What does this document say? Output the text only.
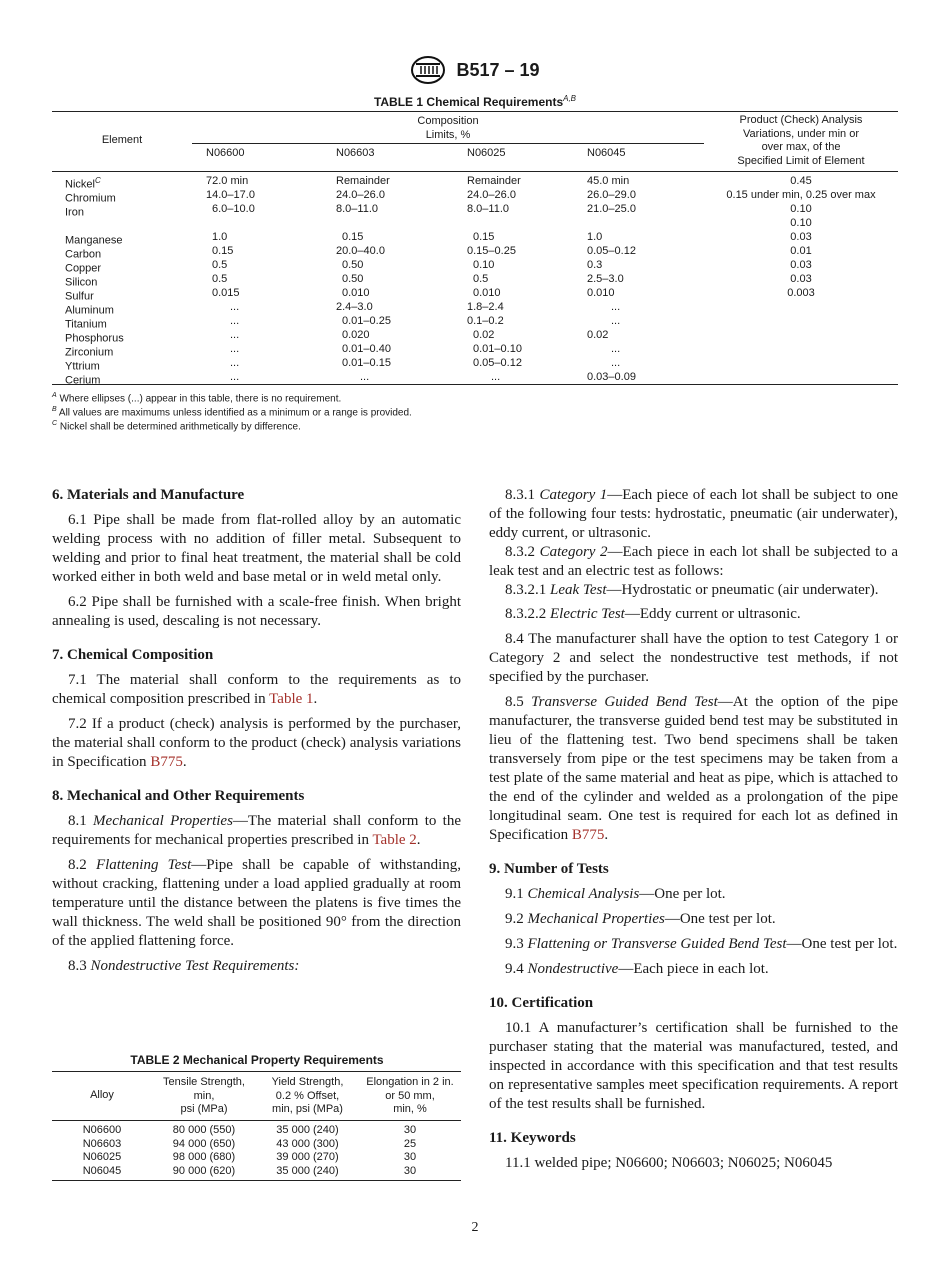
B517 – 19
TABLE 1 Chemical Requirements$^{A,B}$
Element
Composition
Limits, %
N06600	N06603	N06025	N06045
Product (Check) Analysis
Variations, under min or
over max, of the
Specified Limit of Element
Nickel$^C$	72.0 min	Remainder	Remainder	45.0 min	0.45
Chromium	14.0–17.0	24.0–26.0	24.0–26.0	26.0–29.0	0.15 under min, 0.25 over max
Iron	6.0–10.0	8.0–11.0	8.0–11.0	21.0–25.0	0.10
0.10
Manganese	1.0	0.15	0.15	1.0	0.03
Carbon	0.15	20.0–40.0	0.15–0.25	0.05–0.12	0.01
Copper	0.5	0.50	0.10	0.3	0.03
Silicon	0.5	0.50	0.5	2.5–3.0	0.03
Sulfur	0.015	0.010	0.010	0.010	0.003
Aluminum	...	2.4–3.0	1.8–2.4	...
Titanium	...	0.01–0.25	0.1–0.2	...
Phosphorus	...	0.020	0.02	0.02
Zirconium	...	0.01–0.40	0.01–0.10	...
Yttrium	...	0.01–0.15	0.05–0.12	...
Cerium	...	...	...	0.03–0.09
$^A$ Where ellipses (...) appear in this table, there is no requirement.
$^B$ All values are maximums unless identified as a minimum or a range is provided.
$^C$ Nickel shall be determined arithmetically by difference.
6. Materials and Manufacture

6.1 Pipe shall be made from flat-rolled alloy by an automatic welding process with no addition of filler metal. Subsequent to welding and prior to final heat treatment, the material shall be cold worked either in both weld and base metal or in weld metal only.

6.2 Pipe shall be furnished with a scale-free finish. When bright annealing is used, descaling is not necessary.

7. Chemical Composition

7.1 The material shall conform to the requirements as to chemical composition prescribed in Table 1.

7.2 If a product (check) analysis is performed by the purchaser, the material shall conform to the product (check) analysis variations in Specification B775.

8. Mechanical and Other Requirements

8.1 Mechanical Properties—The material shall conform to the requirements for mechanical properties prescribed in Table 2.

8.2 Flattening Test—Pipe shall be capable of withstanding, without cracking, flattening under a load applied gradually at room temperature until the distance between the platens is five times the wall thickness. The weld shall be positioned 90° from the direction of the applied flattening force.

8.3 Nondestructive Test Requirements:

TABLE 2 Mechanical Property Requirements
Alloy
Tensile Strength,
min,
psi (MPa)
Yield Strength,
0.2 % Offset,
min, psi (MPa)
Elongation in 2 in.
or 50 mm,
min, %
N06600	80 000 (550)	35 000 (240)	30
N06603	94 000 (650)	43 000 (300)	25
N06025	98 000 (680)	39 000 (270)	30
N06045	90 000 (620)	35 000 (240)	30

8.3.1 Category 1—Each piece of each lot shall be subject to one of the following four tests: hydrostatic, pneumatic (air underwater), eddy current, or ultrasonic.

8.3.2 Category 2—Each piece in each lot shall be subjected to a leak test and an electric test as follows:

8.3.2.1 Leak Test—Hydrostatic or pneumatic (air underwater).

8.3.2.2 Electric Test—Eddy current or ultrasonic.

8.4 The manufacturer shall have the option to test Category 1 or Category 2 and select the nondestructive test methods, if not specified by the purchaser.

8.5 Transverse Guided Bend Test—At the option of the pipe manufacturer, the transverse guided bend test may be substituted in lieu of the flattening test. Two bend specimens shall be taken transversely from pipe or the test specimens may be taken from a test plate of the same material and heat as pipe, which is attached to the end of the cylinder and welded as a prolongation of the pipe longitudinal seam. One test is required for each lot as defined in Specification B775.

9. Number of Tests

9.1 Chemical Analysis—One per lot.

9.2 Mechanical Properties—One test per lot.

9.3 Flattening or Transverse Guided Bend Test—One test per lot.

9.4 Nondestructive—Each piece in each lot.

10. Certification

10.1 A manufacturer’s certification shall be furnished to the purchaser stating that the material was manufactured, tested, and inspected in accordance with this specification and that test results on representative samples meet specification requirements. A report of the test results shall be furnished.

11. Keywords

11.1 welded pipe; N06600; N06603; N06025; N06045

2
